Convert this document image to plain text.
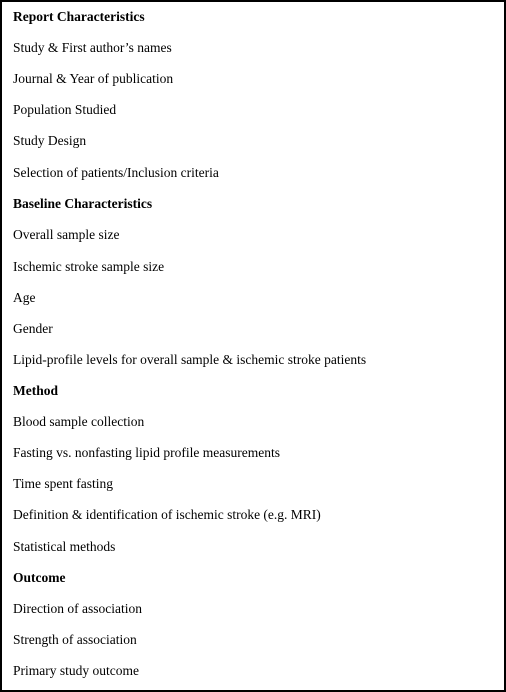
Report Characteristics
Study & First author’s names
Journal & Year of publication
Population Studied
Study Design
Selection of patients/Inclusion criteria
Baseline Characteristics
Overall sample size
Ischemic stroke sample size
Age
Gender
Lipid-profile levels for overall sample & ischemic stroke patients
Method
Blood sample collection
Fasting vs. nonfasting lipid profile measurements
Time spent fasting
Definition & identification of ischemic stroke (e.g. MRI)
Statistical methods
Outcome
Direction of association
Strength of association
Primary study outcome
